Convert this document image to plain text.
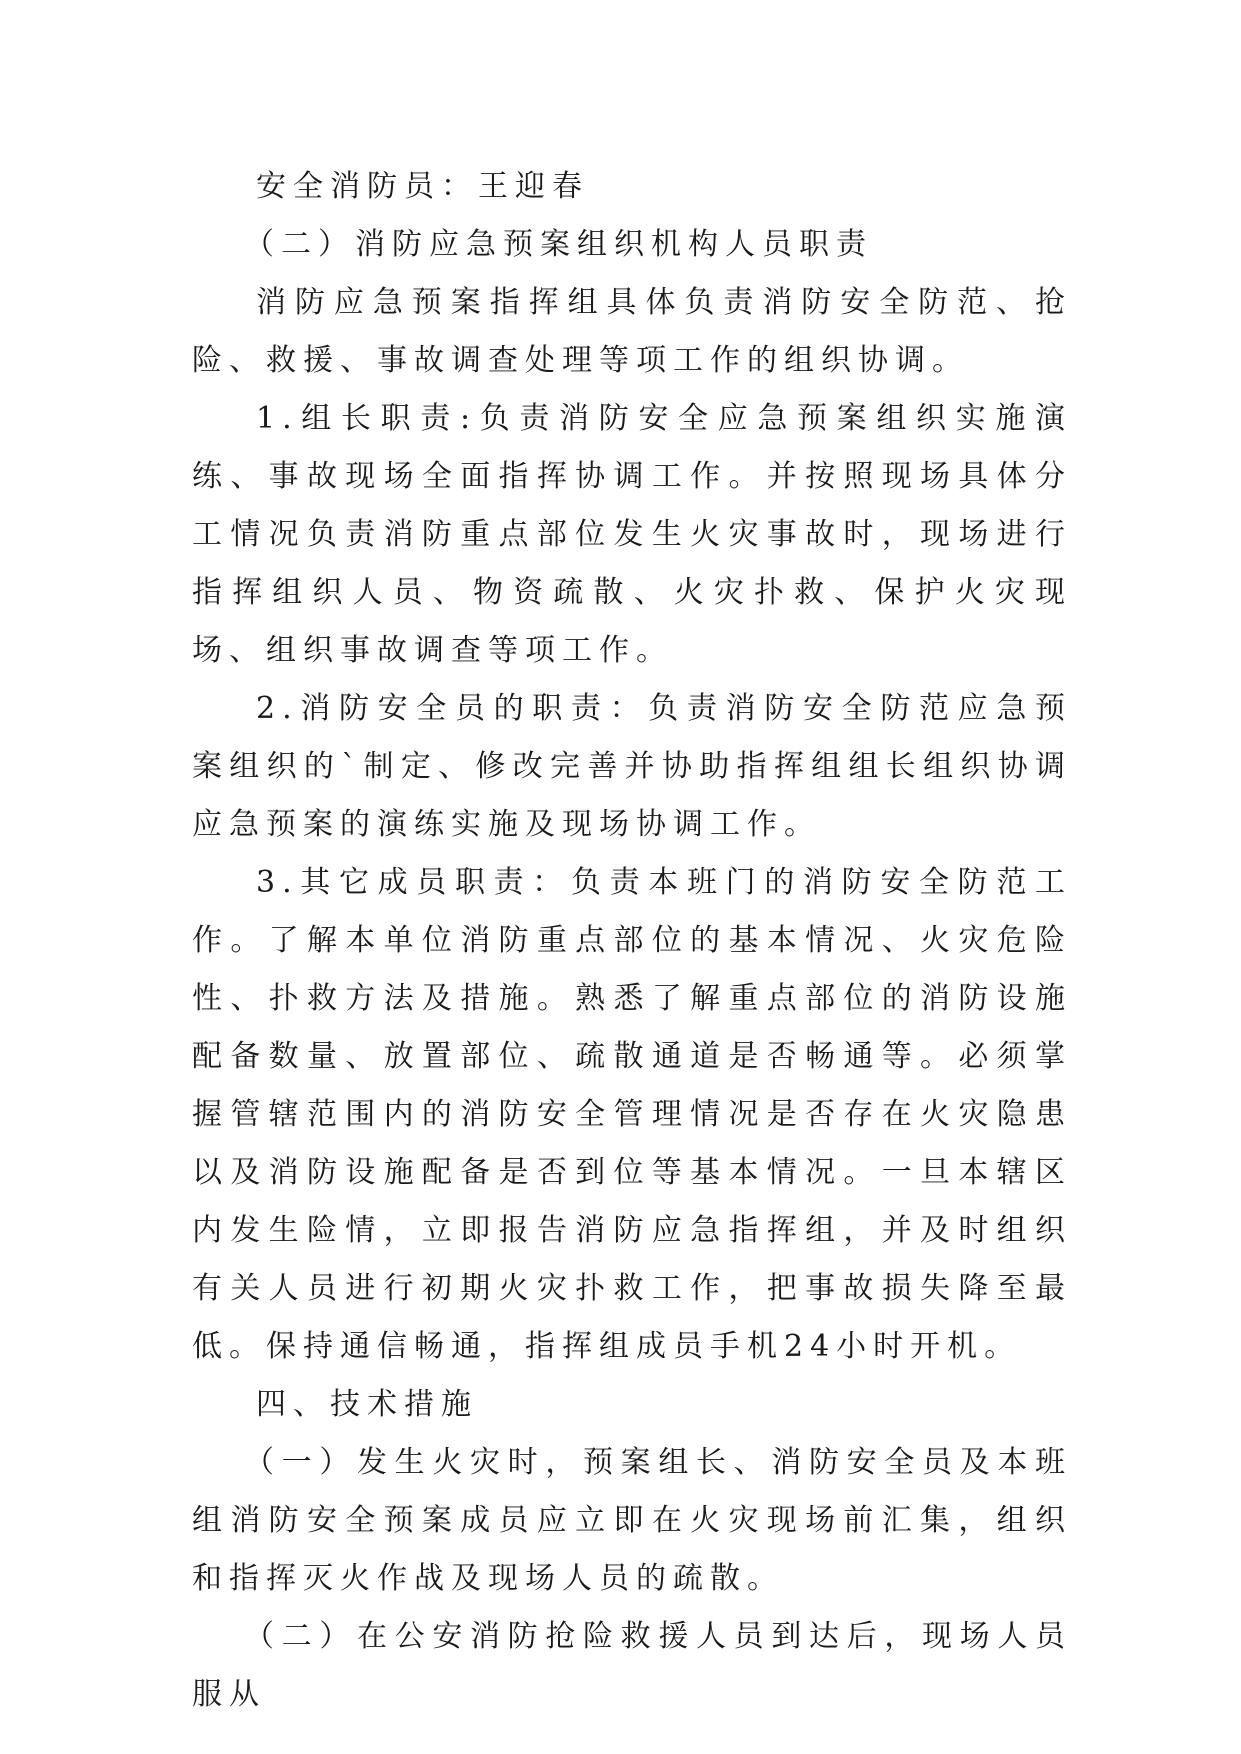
安全消防员：王迎春

（二）消防应急预案组织机构人员职责

消防应急预案指挥组具体负责消防安全防范、抢险、救援、事故调查处理等项工作的组织协调。

1.组长职责:负责消防安全应急预案组织实施演练、事故现场全面指挥协调工作。并按照现场具体分工情况负责消防重点部位发生火灾事故时，现场进行指挥组织人员、物资疏散、火灾扑救、保护火灾现场、组织事故调查等项工作。

2.消防安全员的职责：负责消防安全防范应急预案组织的`制定、修改完善并协助指挥组组长组织协调应急预案的演练实施及现场协调工作。

3.其它成员职责：负责本班门的消防安全防范工作。了解本单位消防重点部位的基本情况、火灾危险性、扑救方法及措施。熟悉了解重点部位的消防设施配备数量、放置部位、疏散通道是否畅通等。必须掌握管辖范围内的消防安全管理情况是否存在火灾隐患以及消防设施配备是否到位等基本情况。一旦本辖区内发生险情，立即报告消防应急指挥组，并及时组织有关人员进行初期火灾扑救工作，把事故损失降至最低。保持通信畅通，指挥组成员手机24小时开机。

四、技术措施

（一）发生火灾时，预案组长、消防安全员及本班组消防安全预案成员应立即在火灾现场前汇集，组织和指挥灭火作战及现场人员的疏散。

（二）在公安消防抢险救援人员到达后，现场人员服从
